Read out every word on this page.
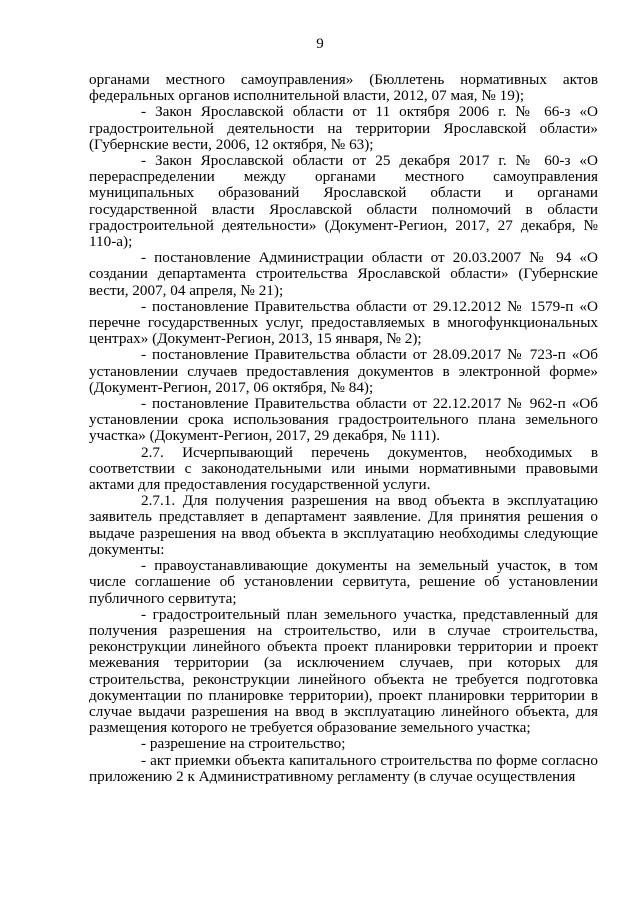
9

органами местного самоуправления» (Бюллетень нормативных актов федеральных органов исполнительной власти, 2012, 07 мая, № 19);

- Закон Ярославской области от 11 октября 2006 г. № 66-з «О градостроительной деятельности на территории Ярославской области» (Губернские вести, 2006, 12 октября, № 63);

- Закон Ярославской области от 25 декабря 2017 г. № 60-з «О перераспределении между органами местного самоуправления муниципальных образований Ярославской области и органами государственной власти Ярославской области полномочий в области градостроительной деятельности» (Документ-Регион, 2017, 27 декабря, № 110-а);

- постановление Администрации области от 20.03.2007 № 94 «О создании департамента строительства Ярославской области» (Губернские вести, 2007, 04 апреля, № 21);

- постановление Правительства области от 29.12.2012 № 1579-п «О перечне государственных услуг, предоставляемых в многофункциональных центрах» (Документ-Регион, 2013, 15 января, № 2);

- постановление Правительства области от 28.09.2017 № 723-п «Об установлении случаев предоставления документов в электронной форме» (Документ-Регион, 2017, 06 октября, № 84);

- постановление Правительства области от 22.12.2017 № 962-п «Об установлении срока использования градостроительного плана земельного участка» (Документ-Регион, 2017, 29 декабря, № 111).

2.7. Исчерпывающий перечень документов, необходимых в соответствии с законодательными или иными нормативными правовыми актами для предоставления государственной услуги.

2.7.1. Для получения разрешения на ввод объекта в эксплуатацию заявитель представляет в департамент заявление. Для принятия решения о выдаче разрешения на ввод объекта в эксплуатацию необходимы следующие документы:

- правоустанавливающие документы на земельный участок, в том числе соглашение об установлении сервитута, решение об установлении публичного сервитута;

- градостроительный план земельного участка, представленный для получения разрешения на строительство, или в случае строительства, реконструкции линейного объекта проект планировки территории и проект межевания территории (за исключением случаев, при которых для строительства, реконструкции линейного объекта не требуется подготовка документации по планировке территории), проект планировки территории в случае выдачи разрешения на ввод в эксплуатацию линейного объекта, для размещения которого не требуется образование земельного участка;

- разрешение на строительство;

- акт приемки объекта капитального строительства по форме согласно приложению 2 к Административному регламенту (в случае осуществления
